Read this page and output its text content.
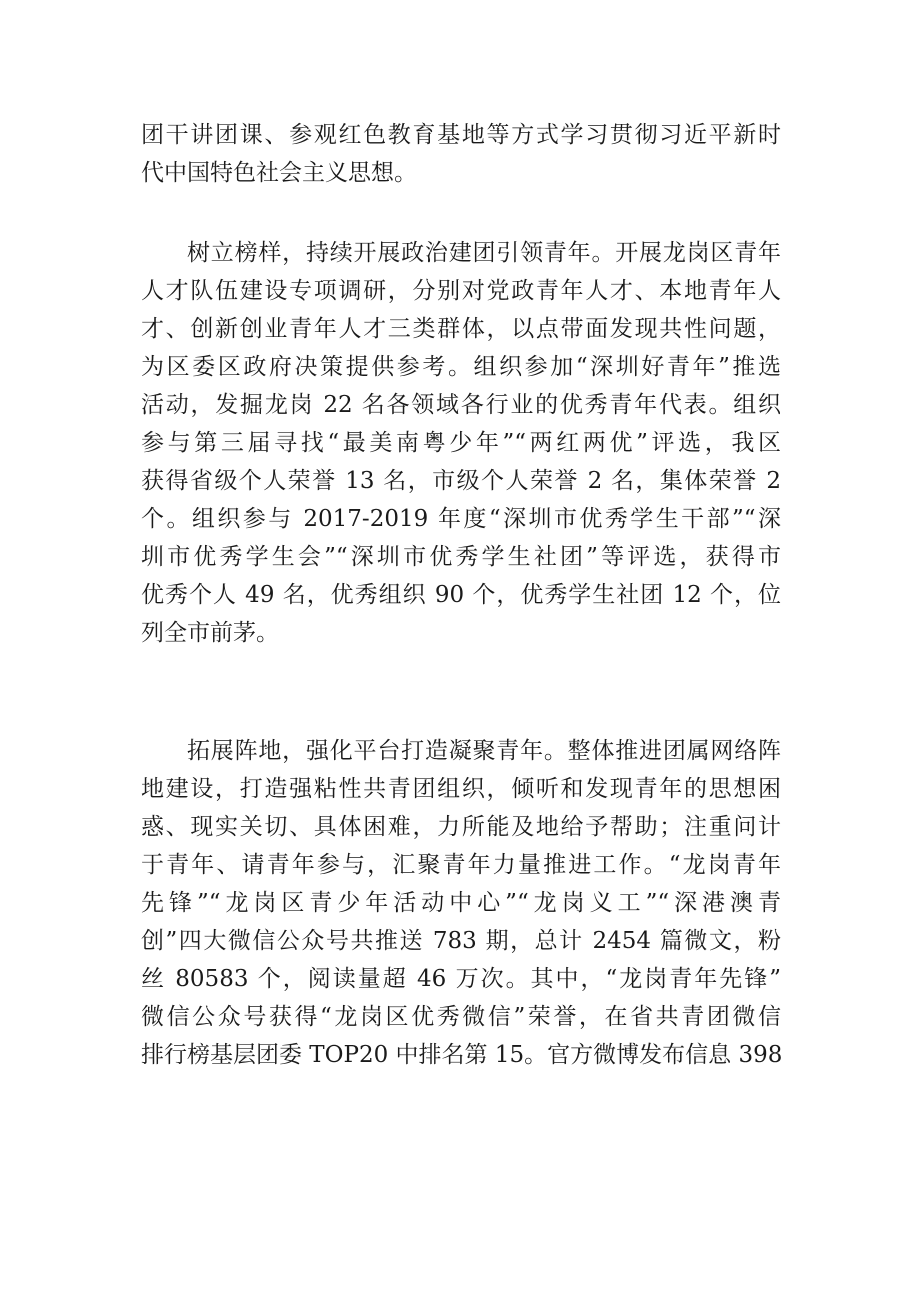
团干讲团课、参观红色教育基地等方式学习贯彻习近平新时
代中国特色社会主义思想。
树立榜样，持续开展政治建团引领青年。开展龙岗区青年
人才队伍建设专项调研，分别对党政青年人才、本地青年人
才、创新创业青年人才三类群体，以点带面发现共性问题，
为区委区政府决策提供参考。组织参加“深圳好青年”推选
活动，发掘龙岗 22 名各领域各行业的优秀青年代表。组织
参与第三届寻找“最美南粤少年”“两红两优”评选，我区
获得省级个人荣誉 13 名，市级个人荣誉 2 名，集体荣誉 2
个。组织参与 2017-2019 年度“深圳市优秀学生干部”“深
圳市优秀学生会”“深圳市优秀学生社团”等评选，获得市
优秀个人 49 名，优秀组织 90 个，优秀学生社团 12 个，位
列全市前茅。
拓展阵地，强化平台打造凝聚青年。整体推进团属网络阵
地建设，打造强粘性共青团组织，倾听和发现青年的思想困
惑、现实关切、具体困难，力所能及地给予帮助；注重问计
于青年、请青年参与，汇聚青年力量推进工作。“龙岗青年
先锋”“龙岗区青少年活动中心”“龙岗义工”“深港澳青
创”四大微信公众号共推送 783 期，总计 2454 篇微文，粉
丝 80583 个，阅读量超 46 万次。其中，“龙岗青年先锋”
微信公众号获得“龙岗区优秀微信”荣誉，在省共青团微信
排行榜基层团委 TOP20 中排名第 15。官方微博发布信息 398
